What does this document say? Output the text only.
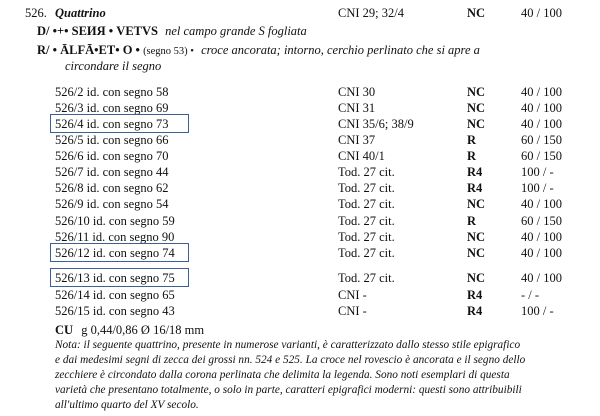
526. Quattrino	CNI 29; 32/4	NC	40 / 100
D/ •+• SEИЯ • VETVS nel campo grande S fogliata
R/ • ĀLFĀ•ET• O • (segno 53) • croce ancorata; intorno, cerchio perlinato che si apre a
circondare il segno
526/2 id. con segno 58	CNI 30	NC	40 / 100
526/3 id. con segno 69	CNI 31	NC	40 / 100
526/4 id. con segno 73	CNI 35/6; 38/9	NC	40 / 100
526/5 id. con segno 66	CNI 37	R	60 / 150
526/6 id. con segno 70	CNI 40/1	R	60 / 150
526/7 id. con segno 44	Tod. 27 cit.	R4	100 / -
526/8 id. con segno 62	Tod. 27 cit.	R4	100 / -
526/9 id. con segno 54	Tod. 27 cit.	NC	40 / 100
526/10 id. con segno 59	Tod. 27 cit.	R	60 / 150
526/11 id. con segno 90	Tod. 27 cit.	NC	40 / 100
526/12 id. con segno 74	Tod. 27 cit.	NC	40 / 100
526/13 id. con segno 75	Tod. 27 cit.	NC	40 / 100
526/14 id. con segno 65	CNI -	R4	- / -
526/15 id. con segno 43	CNI -	R4	100 / -
CU g 0,44/0,86 Ø 16/18 mm
Nota: il seguente quattrino, presente in numerose varianti, è caratterizzato dallo stesso stile epigrafico
e dai medesimi segni di zecca dei grossi nn. 524 e 525. La croce nel rovescio è ancorata e il segno dello
zecchiere è circondato dalla corona perlinata che delimita la legenda. Sono noti esemplari di questa
varietà che presentano totalmente, o solo in parte, caratteri epigrafici moderni: questi sono attribuibili
all'ultimo quarto del XV secolo.
